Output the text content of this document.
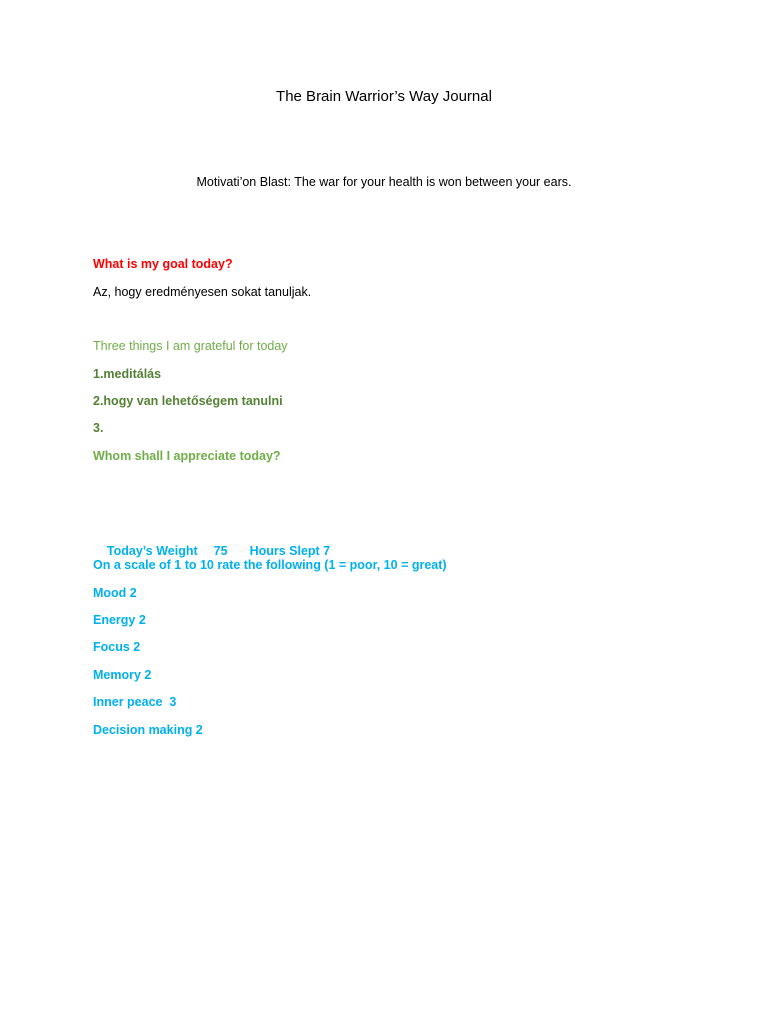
The Brain Warrior’s Way Journal
Motivati’on Blast: The war for your health is won between your ears.
What is my goal today?
Az, hogy eredményesen sokat tanuljak.
Three things I am grateful for today
1.meditálás
2.hogy van lehetőségem tanulni
3.
Whom shall I appreciate today?

Today’s Weight 75 Hours Slept 7

On a scale of 1 to 10 rate the following (1 = poor, 10 = great)
Mood 2
Energy 2
Focus 2
Memory 2
Inner peace  3
Decision making 2
